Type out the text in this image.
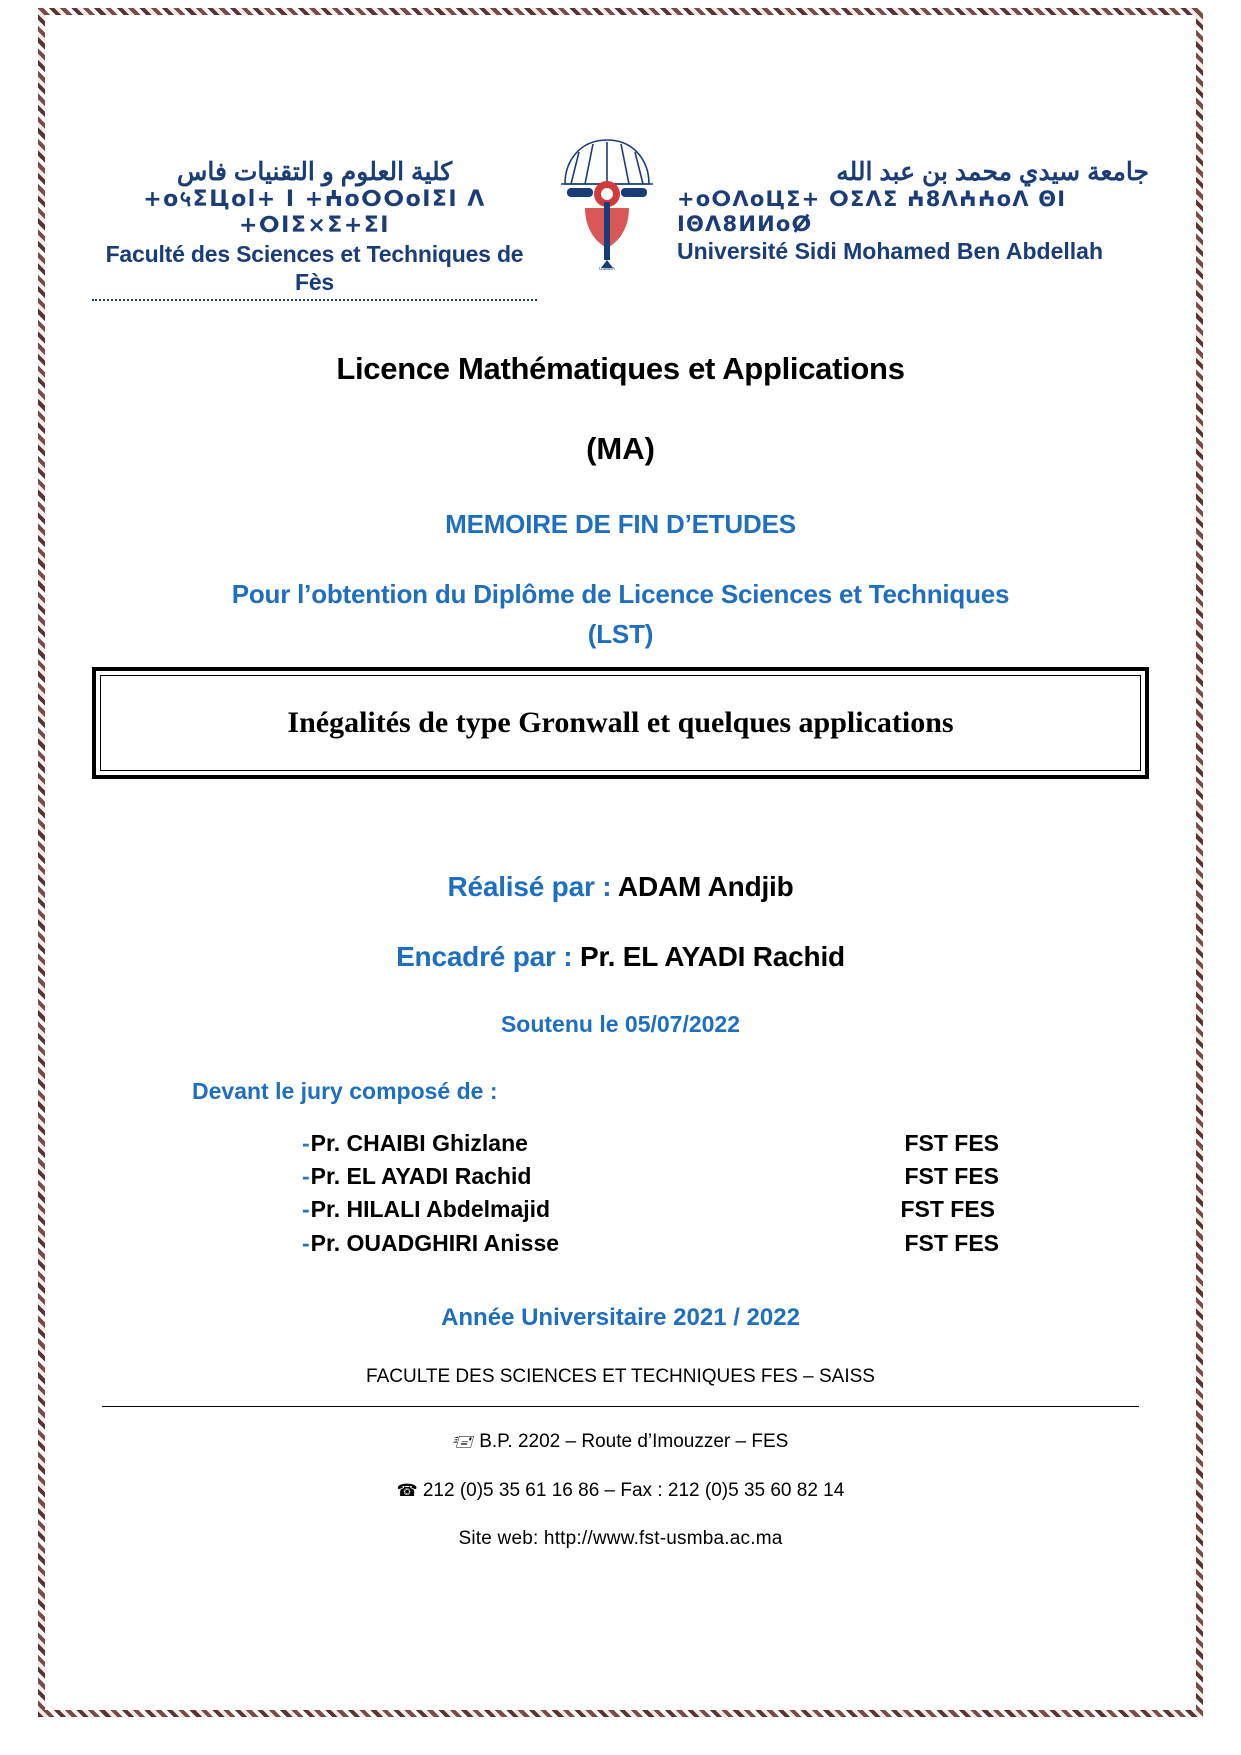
كلية العلوم و التقنيات فاس
+o५ΣЦol+ I +ⵄoⵔⵔoIΣI Λ +ⵔIΣ⨯Σ+ΣI
Faculté des Sciences et Techniques de Fès
USMBA
جامعة سيدي محمد بن عبد الله
+oⵔΛoЦΣ+ ⵔΣΛΣ ⵄ8ΛⵄⵄoΛ ΘI ⵏΘΛ8ИИoⵁ
Université Sidi Mohamed Ben Abdellah
Licence Mathématiques et Applications
(MA)
MEMOIRE DE FIN D’ETUDES
Pour l’obtention du Diplôme de Licence Sciences et Techniques
(LST)
Inégalités de type Gronwall et quelques applications
Réalisé par : ADAM Andjib
Encadré par : Pr. EL AYADI Rachid
Soutenu le 05/07/2022
Devant le jury composé de :
- Pr. CHAIBI Ghizlane	FST FES
- Pr. EL AYADI Rachid	FST FES
- Pr. HILALI Abdelmajid	FST FES
- Pr. OUADGHIRI Anisse	FST FES
Année Universitaire 2021 / 2022
FACULTE DES SCIENCES ET TECHNIQUES FES – SAISS
🖅 B.P. 2202 – Route d’Imouzzer – FES
☎ 212 (0)5 35 61 16 86 – Fax : 212 (0)5 35 60 82 14
Site web: http://www.fst-usmba.ac.ma
